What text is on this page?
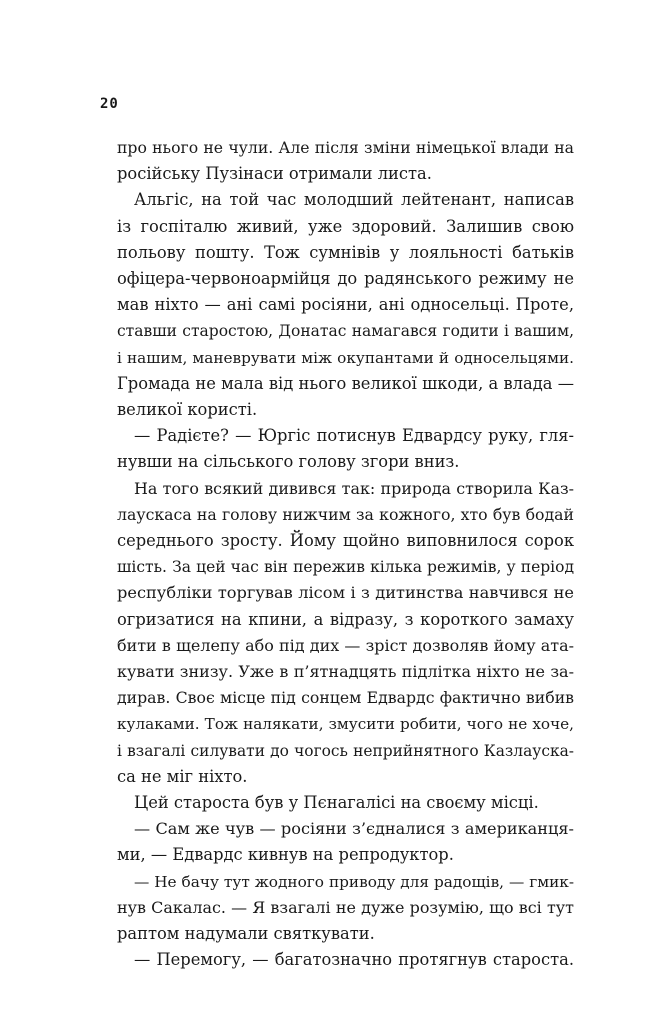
20
про нього не чули. Але після зміни німецької влади на
російську Пузінаси отримали листа.
Альгіс, на той час молодший лейтенант, написав
із госпіталю живий, уже здоровий. Залишив свою
польову пошту. Тож сумнівів у лояльності батьків
офіцера-червоноармійця до радянського режиму не
мав ніхто — ані самі росіяни, ані односельці. Проте,
ставши старостою, Донатас намагався годити і вашим,
і нашим, маневрувати між окупантами й односельцями.
Громада не мала від нього великої шкоди, а влада —
великої користі.
— Радієте? — Юргіс потиснув Едвардсу руку, гля-
нувши на сільського голову згори вниз.
На того всякий дивився так: природа створила Каз-
лаускаса на голову нижчим за кожного, хто був бодай
середнього зросту. Йому щойно виповнилося сорок
шість. За цей час він пережив кілька режимів, у період
республіки торгував лісом і з дитинства навчився не
огризатися на кпини, а відразу, з короткого замаху
бити в щелепу або під дих — зріст дозволяв йому ата-
кувати знизу. Уже в п’ятнадцять підлітка ніхто не за-
дирав. Своє місце під сонцем Едвардс фактично вибив
кулаками. Тож налякати, змусити робити, чого не хоче,
і взагалі силувати до чогось неприйнятного Казлауска-
са не міг ніхто.
Цей староста був у Пєнагалісі на своєму місці.
— Сам же чув — росіяни з’єдналися з американця-
ми, — Едвардс кивнув на репродуктор.
— Не бачу тут жодного приводу для радощів, — гмик-
нув Сакалас. — Я взагалі не дуже розумію, що всі тут
раптом надумали святкувати.
— Перемогу, — багатозначно протягнув староста.
